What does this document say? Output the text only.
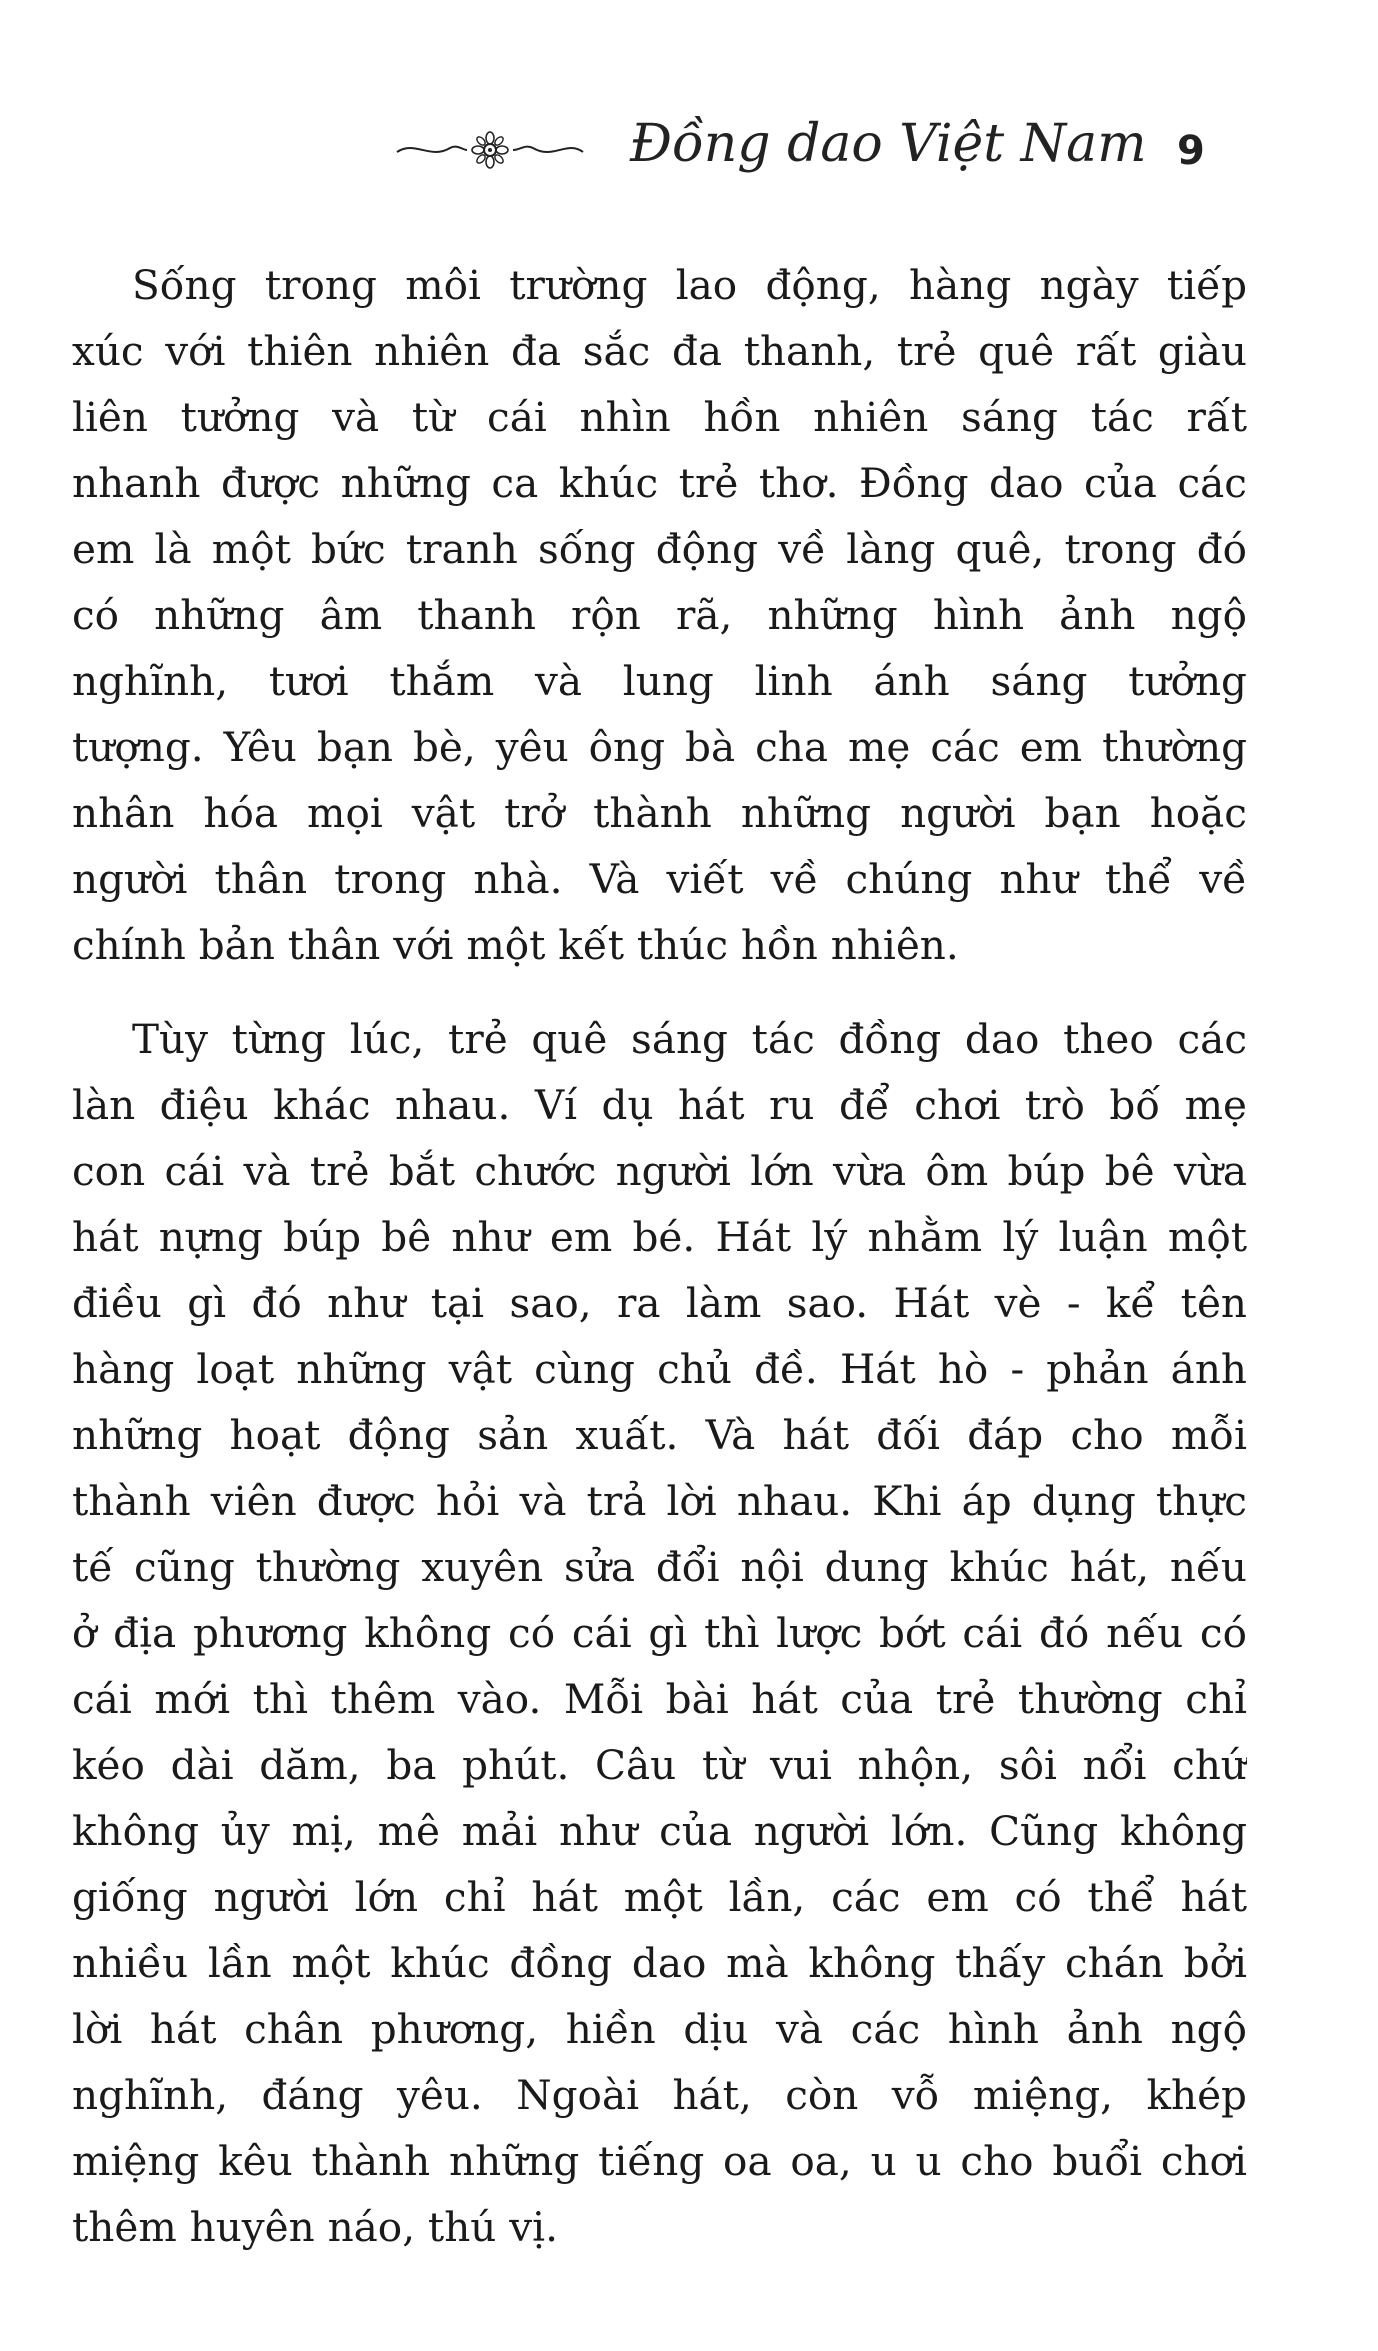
Đồng dao Việt Nam 9
Sống trong môi trường lao động, hàng ngày tiếp
xúc với thiên nhiên đa sắc đa thanh, trẻ quê rất giàu
liên tưởng và từ cái nhìn hồn nhiên sáng tác rất
nhanh được những ca khúc trẻ thơ. Đồng dao của các
em là một bức tranh sống động về làng quê, trong đó
có những âm thanh rộn rã, những hình ảnh ngộ
nghĩnh, tươi thắm và lung linh ánh sáng tưởng
tượng. Yêu bạn bè, yêu ông bà cha mẹ các em thường
nhân hóa mọi vật trở thành những người bạn hoặc
người thân trong nhà. Và viết về chúng như thể về
chính bản thân với một kết thúc hồn nhiên.
Tùy từng lúc, trẻ quê sáng tác đồng dao theo các
làn điệu khác nhau. Ví dụ hát ru để chơi trò bố mẹ
con cái và trẻ bắt chước người lớn vừa ôm búp bê vừa
hát nựng búp bê như em bé. Hát lý nhằm lý luận một
điều gì đó như tại sao, ra làm sao. Hát vè - kể tên
hàng loạt những vật cùng chủ đề. Hát hò - phản ánh
những hoạt động sản xuất. Và hát đối đáp cho mỗi
thành viên được hỏi và trả lời nhau. Khi áp dụng thực
tế cũng thường xuyên sửa đổi nội dung khúc hát, nếu
ở địa phương không có cái gì thì lược bớt cái đó nếu có
cái mới thì thêm vào. Mỗi bài hát của trẻ thường chỉ
kéo dài dăm, ba phút. Câu từ vui nhộn, sôi nổi chứ
không ủy mị, mê mải như của người lớn. Cũng không
giống người lớn chỉ hát một lần, các em có thể hát
nhiều lần một khúc đồng dao mà không thấy chán bởi
lời hát chân phương, hiền dịu và các hình ảnh ngộ
nghĩnh, đáng yêu. Ngoài hát, còn vỗ miệng, khép
miệng kêu thành những tiếng oa oa, u u cho buổi chơi
thêm huyên náo, thú vị.
